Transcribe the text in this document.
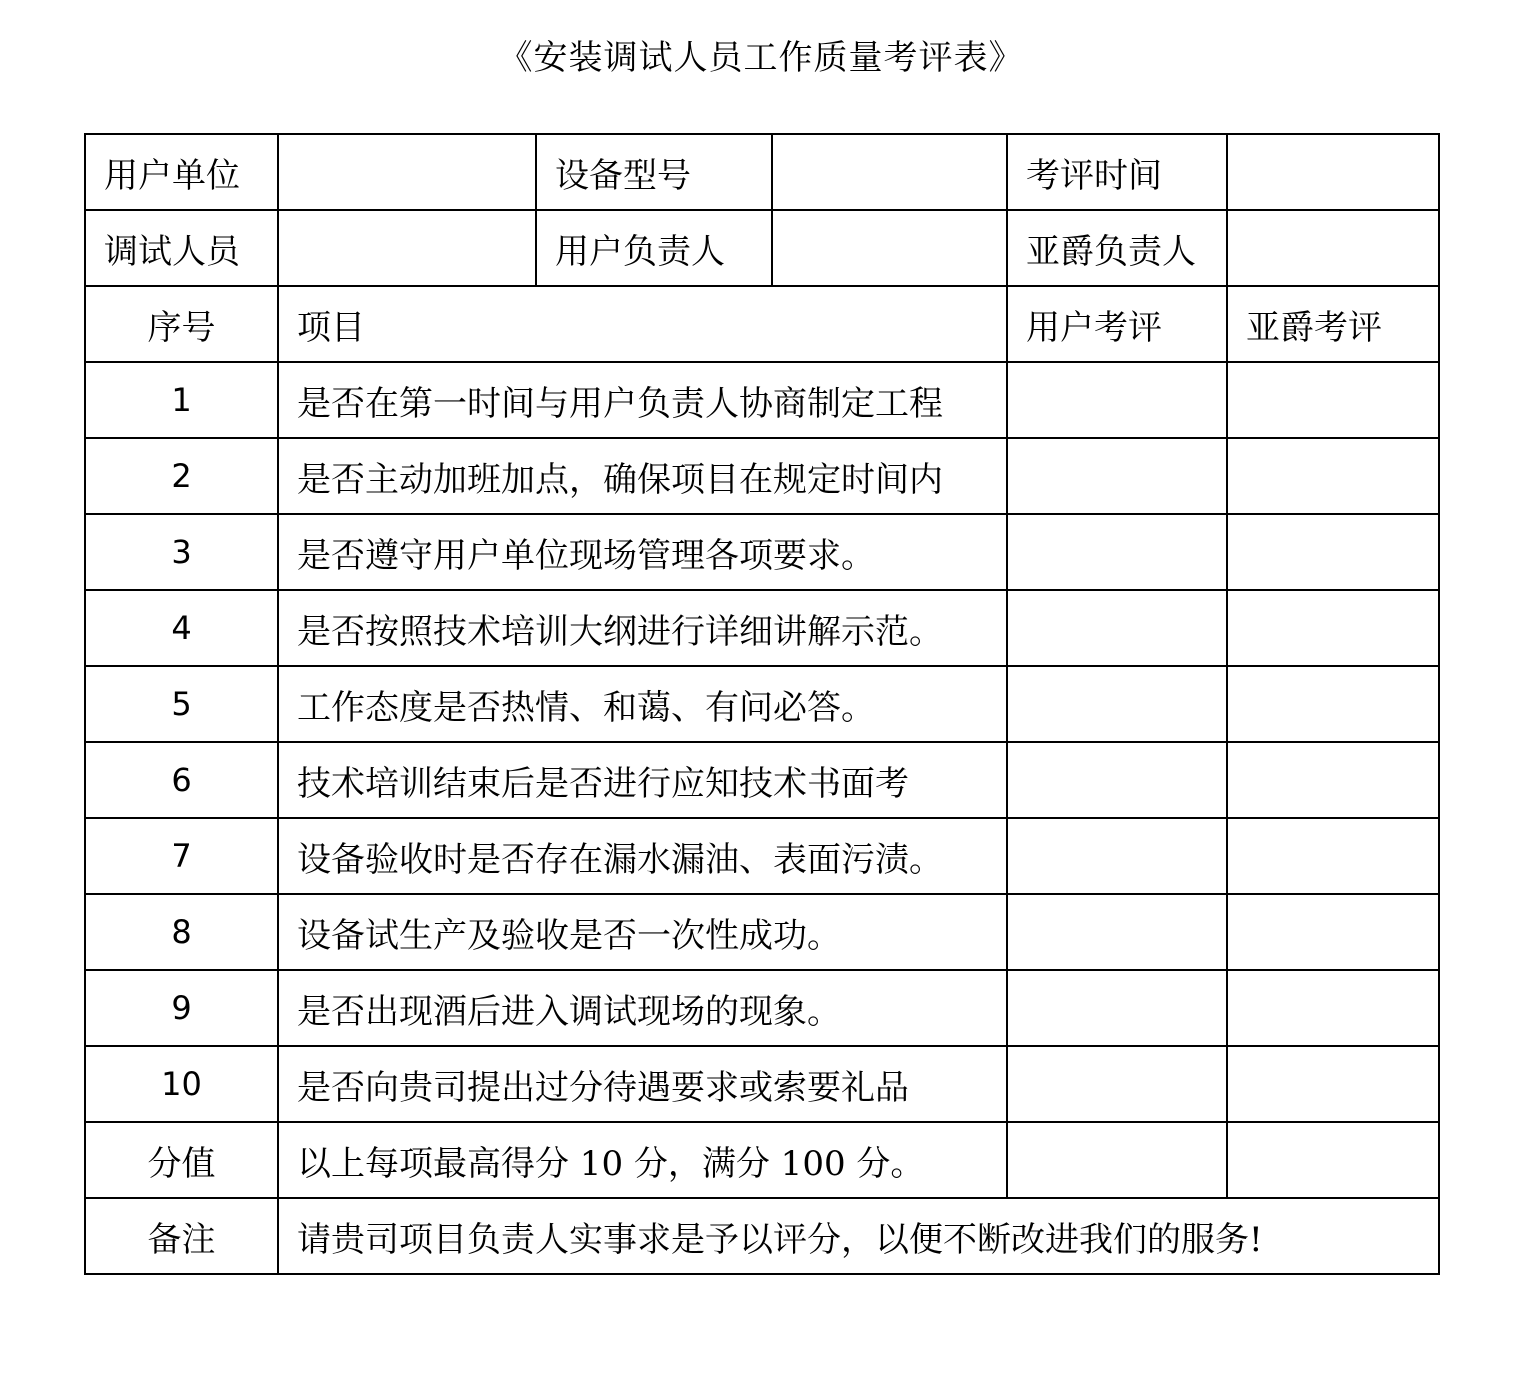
《安装调试人员工作质量考评表》
用户单位		设备型号		考评时间	
调试人员		用户负责人		亚爵负责人	
序号	项目			用户考评	亚爵考评
1	是否在第一时间与用户负责人协商制定工程				
2	是否主动加班加点，确保项目在规定时间内				
3	是否遵守用户单位现场管理各项要求。				
4	是否按照技术培训大纲进行详细讲解示范。				
5	工作态度是否热情、和蔼、有问必答。				
6	技术培训结束后是否进行应知技术书面考				
7	设备验收时是否存在漏水漏油、表面污渍。				
8	设备试生产及验收是否一次性成功。				
9	是否出现酒后进入调试现场的现象。				
10	是否向贵司提出过分待遇要求或索要礼品				
分值	以上每项最高得分 10 分，满分 100 分。				
备注	请贵司项目负责人实事求是予以评分，以便不断改进我们的服务!				
